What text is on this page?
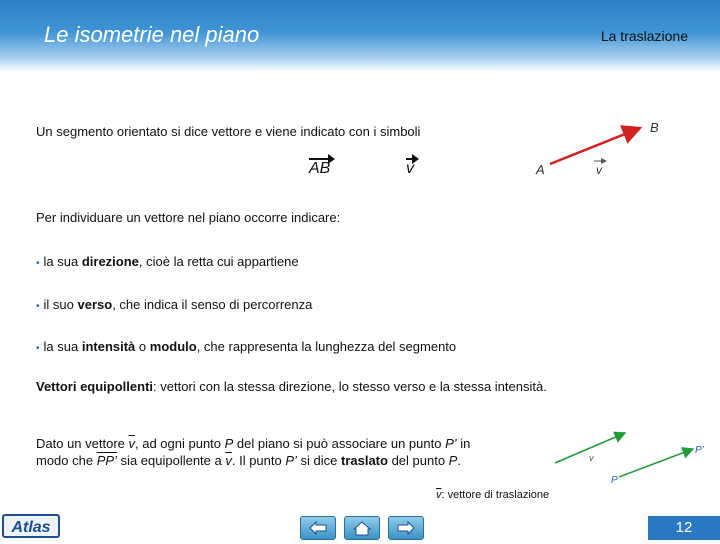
Le isometrie nel piano	La traslazione
Un segmento orientato si dice vettore e viene indicato con i simboli
AB	v	A
B
v
Per individuare un vettore nel piano occorre indicare:
• la sua direzione, cioè la retta cui appartiene
• il suo verso, che indica il senso di percorrenza
• la sua intensità o modulo, che rappresenta la lunghezza del segmento
Vettori equipollenti: vettori con la stessa direzione, lo stesso verso e la stessa intensità.
Dato un vettore $\overline{v}$, ad ogni punto P del piano si può associare un punto P’ in
modo che PP’ sia equipollente a $\overline{v}$. Il punto P’ si dice traslato del punto P.	v
P
P’
$\overline{v}$: vettore di traslazione
Atlas	12
